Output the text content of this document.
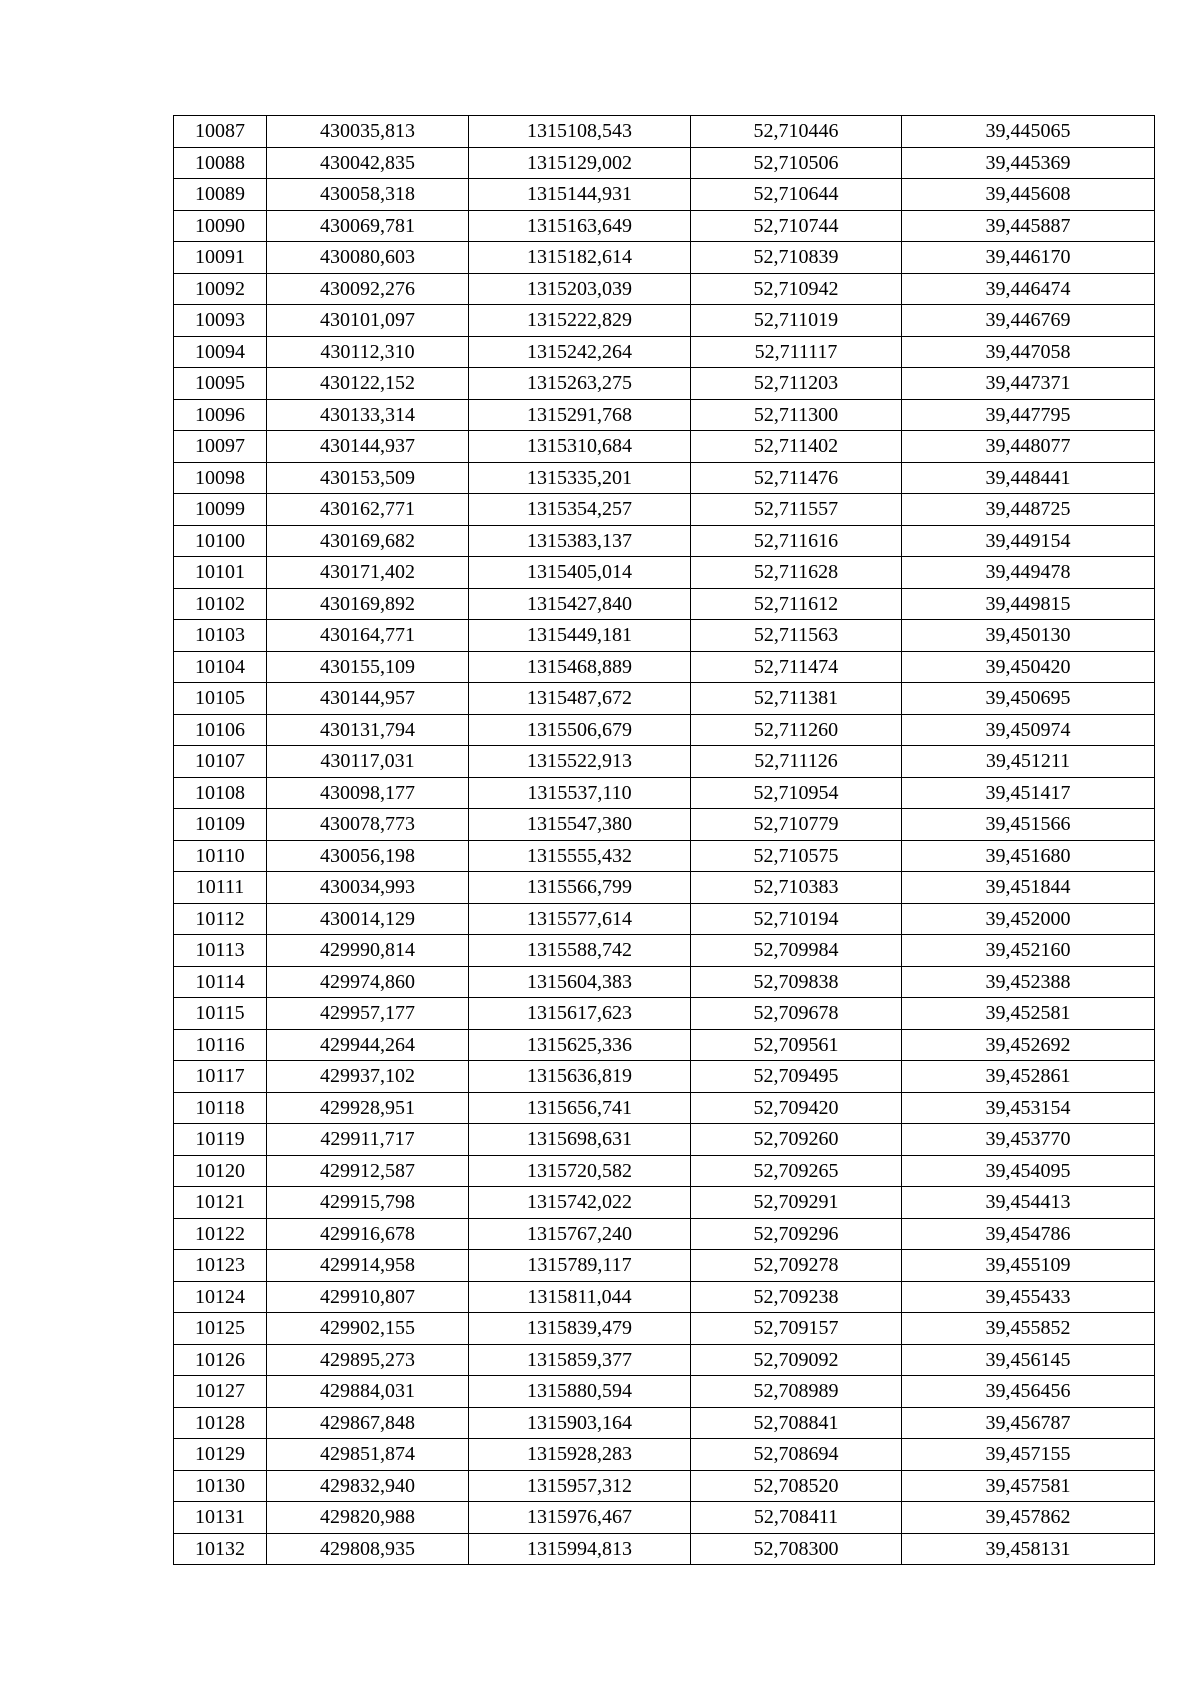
10087	430035,813	1315108,543	52,710446	39,445065
10088	430042,835	1315129,002	52,710506	39,445369
10089	430058,318	1315144,931	52,710644	39,445608
10090	430069,781	1315163,649	52,710744	39,445887
10091	430080,603	1315182,614	52,710839	39,446170
10092	430092,276	1315203,039	52,710942	39,446474
10093	430101,097	1315222,829	52,711019	39,446769
10094	430112,310	1315242,264	52,711117	39,447058
10095	430122,152	1315263,275	52,711203	39,447371
10096	430133,314	1315291,768	52,711300	39,447795
10097	430144,937	1315310,684	52,711402	39,448077
10098	430153,509	1315335,201	52,711476	39,448441
10099	430162,771	1315354,257	52,711557	39,448725
10100	430169,682	1315383,137	52,711616	39,449154
10101	430171,402	1315405,014	52,711628	39,449478
10102	430169,892	1315427,840	52,711612	39,449815
10103	430164,771	1315449,181	52,711563	39,450130
10104	430155,109	1315468,889	52,711474	39,450420
10105	430144,957	1315487,672	52,711381	39,450695
10106	430131,794	1315506,679	52,711260	39,450974
10107	430117,031	1315522,913	52,711126	39,451211
10108	430098,177	1315537,110	52,710954	39,451417
10109	430078,773	1315547,380	52,710779	39,451566
10110	430056,198	1315555,432	52,710575	39,451680
10111	430034,993	1315566,799	52,710383	39,451844
10112	430014,129	1315577,614	52,710194	39,452000
10113	429990,814	1315588,742	52,709984	39,452160
10114	429974,860	1315604,383	52,709838	39,452388
10115	429957,177	1315617,623	52,709678	39,452581
10116	429944,264	1315625,336	52,709561	39,452692
10117	429937,102	1315636,819	52,709495	39,452861
10118	429928,951	1315656,741	52,709420	39,453154
10119	429911,717	1315698,631	52,709260	39,453770
10120	429912,587	1315720,582	52,709265	39,454095
10121	429915,798	1315742,022	52,709291	39,454413
10122	429916,678	1315767,240	52,709296	39,454786
10123	429914,958	1315789,117	52,709278	39,455109
10124	429910,807	1315811,044	52,709238	39,455433
10125	429902,155	1315839,479	52,709157	39,455852
10126	429895,273	1315859,377	52,709092	39,456145
10127	429884,031	1315880,594	52,708989	39,456456
10128	429867,848	1315903,164	52,708841	39,456787
10129	429851,874	1315928,283	52,708694	39,457155
10130	429832,940	1315957,312	52,708520	39,457581
10131	429820,988	1315976,467	52,708411	39,457862
10132	429808,935	1315994,813	52,708300	39,458131
